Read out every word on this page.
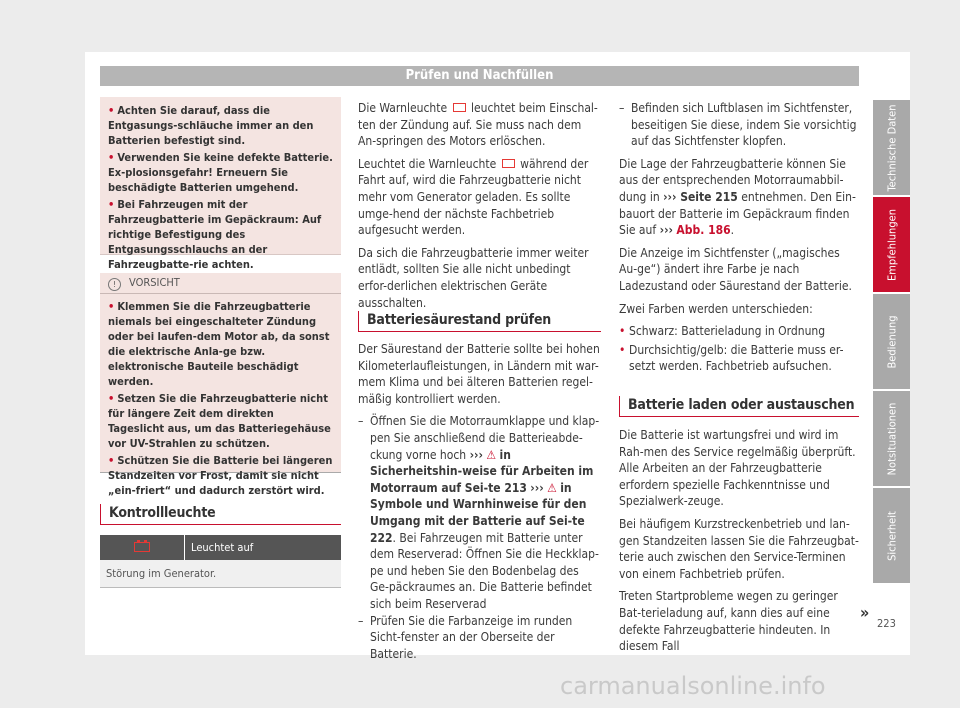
Prüfen und Nachfüllen
• Achten Sie darauf, dass die Entgasungs-schläuche immer an den Batterien befestigt sind.
• Verwenden Sie keine defekte Batterie. Ex-plosionsgefahr! Erneuern Sie beschädigte Batterien umgehend.
• Bei Fahrzeugen mit der Fahrzeugbatterie im Gepäckraum: Auf richtige Befestigung des Entgasungsschlauchs an der Fahrzeugbatte-rie achten.
! VORSICHT
• Klemmen Sie die Fahrzeugbatterie niemals bei eingeschalteter Zündung oder bei laufen-dem Motor ab, da sonst die elektrische Anla-ge bzw. elektronische Bauteile beschädigt werden.
• Setzen Sie die Fahrzeugbatterie nicht für längere Zeit dem direkten Tageslicht aus, um das Batteriegehäuse vor UV-Strahlen zu schützen.
• Schützen Sie die Batterie bei längeren Standzeiten vor Frost, damit sie nicht „ein-friert“ und dadurch zerstört wird.
Kontrollleuchte
Leuchtet auf
Störung im Generator.

Die Warnleuchte leuchtet beim Einschal-ten der Zündung auf. Sie muss nach dem An-springen des Motors erlöschen.

Leuchtet die Warnleuchte während der Fahrt auf, wird die Fahrzeugbatterie nicht mehr vom Generator geladen. Es sollte umge-hend der nächste Fachbetrieb aufgesucht werden.

Da sich die Fahrzeugbatterie immer weiter entlädt, sollten Sie alle nicht unbedingt erfor-derlichen elektrischen Geräte ausschalten.

Batteriesäurestand prüfen

Der Säurestand der Batterie sollte bei hohen Kilometerlaufleistungen, in Ländern mit war-mem Klima und bei älteren Batterien regel-mäßig kontrolliert werden.

– Öffnen Sie die Motorraumklappe und klap-pen Sie anschließend die Batterieabde-ckung vorne hoch ››› ⚠ in Sicherheitshin-weise für Arbeiten im Motorraum auf Sei-te 213 ››› ⚠ in Symbole und Warnhinweise für den Umgang mit der Batterie auf Sei-te 222. Bei Fahrzeugen mit Batterie unter dem Reserverad: Öffnen Sie die Heckklap-pe und heben Sie den Bodenbelag des Ge-päckraumes an. Die Batterie befindet sich beim Reserverad
– Prüfen Sie die Farbanzeige im runden Sicht-fenster an der Oberseite der Batterie.
– Befinden sich Luftblasen im Sichtfenster, beseitigen Sie diese, indem Sie vorsichtig auf das Sichtfenster klopfen.

Die Lage der Fahrzeugbatterie können Sie aus der entsprechenden Motorraumabbil-dung in ››› Seite 215 entnehmen. Den Ein-bauort der Batterie im Gepäckraum finden Sie auf ››› Abb. 186.

Die Anzeige im Sichtfenster („magisches Au-ge“) ändert ihre Farbe je nach Ladezustand oder Säurestand der Batterie.

Zwei Farben werden unterschieden:

• Schwarz: Batterieladung in Ordnung
• Durchsichtig/gelb: die Batterie muss er-setzt werden. Fachbetrieb aufsuchen.
Batterie laden oder austauschen

Die Batterie ist wartungsfrei und wird im Rah-men des Service regelmäßig überprüft. Alle Arbeiten an der Fahrzeugbatterie erfordern spezielle Fachkenntnisse und Spezialwerk-zeuge.

Bei häufigem Kurzstreckenbetrieb und lan-gen Standzeiten lassen Sie die Fahrzeugbat-terie auch zwischen den Service-Terminen von einem Fachbetrieb prüfen.

Treten Startprobleme wegen zu geringer Bat-terieladung auf, kann dies auf eine defekte Fahrzeugbatterie hindeuten. In diesem Fall

Technische Daten
Empfehlungen
Bedienung
Notsituationen
Sicherheit
»
223
carmanualsonline.info
